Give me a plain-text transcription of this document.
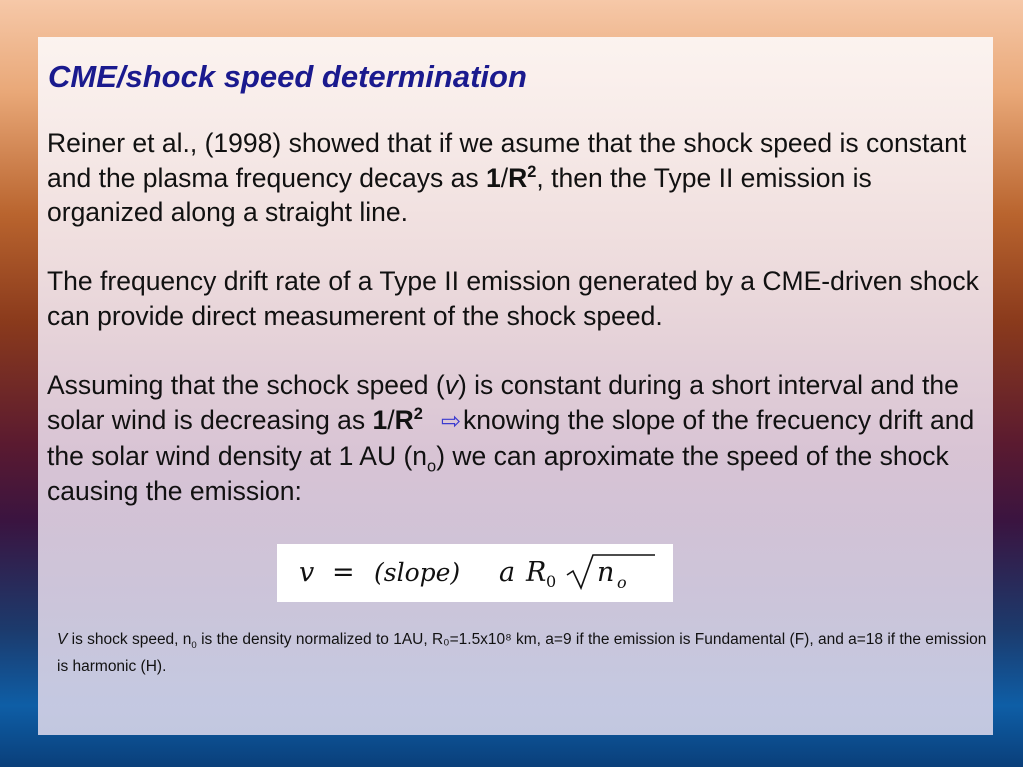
CME/shock speed determination

Reiner et al., (1998) showed that if we asume that the shock speed is constant and the plasma frequency decays as $1/R^2$, then the Type II emission is organized along a straight line.

The frequency drift rate of a Type II emission generated by a CME-driven shock can provide direct measumerent of the shock speed.

Assuming that the schock speed (v) is constant during a short interval and the solar wind is decreasing as $1/R^2$ ⇨knowing the slope of the frecuency drift and the solar wind density at 1 AU $(n_o)$ we can aproximate the speed of the shock causing the emission:

v = (slope) a R 0 n o

V is shock speed, $n_0$ is the density normalized to 1AU, R₀=1.5x10⁸ km, a=9 if the emission is Fundamental (F), and a=18 if the emission is harmonic (H).
